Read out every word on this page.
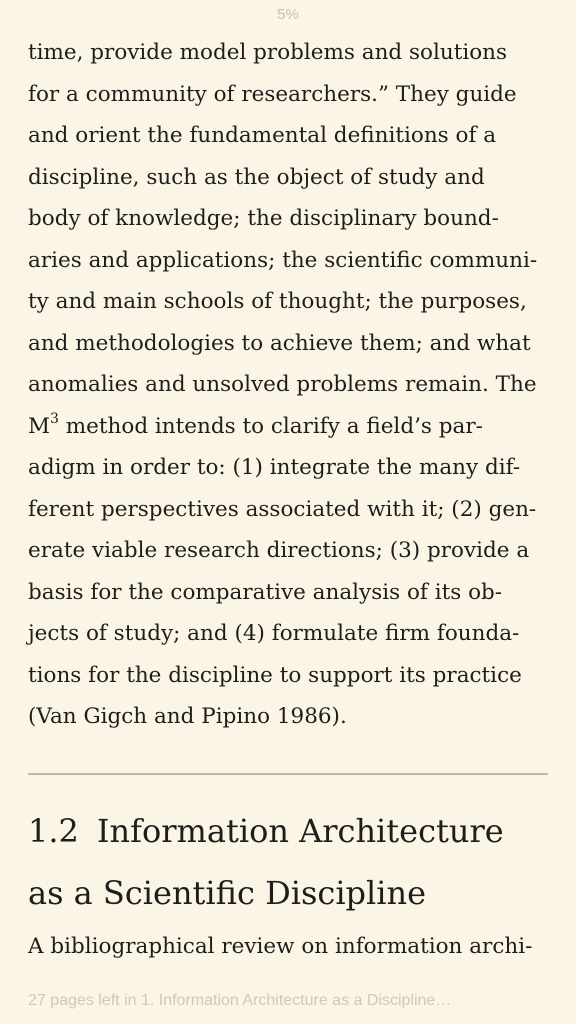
5%

time, provide model problems and solutions
for a community of researchers.” They guide
and orient the fundamental definitions of a
discipline, such as the object of study and
body of knowledge; the disciplinary bound-
aries and applications; the scientific communi-
ty and main schools of thought; the purposes,
and methodologies to achieve them; and what
anomalies and unsolved problems remain. The
$M^3$ method intends to clarify a field’s par-
adigm in order to: (1) integrate the many dif-
ferent perspectives associated with it; (2) gen-
erate viable research directions; (3) provide a
basis for the comparative analysis of its ob-
jects of study; and (4) formulate firm founda-
tions for the discipline to support its practice
(Van Gigch and Pipino 1986).

1.2 Information Architecture
as a Scientific Discipline

A bibliographical review on information archi-

27 pages left in 1. Information Architecture as a Discipline…
